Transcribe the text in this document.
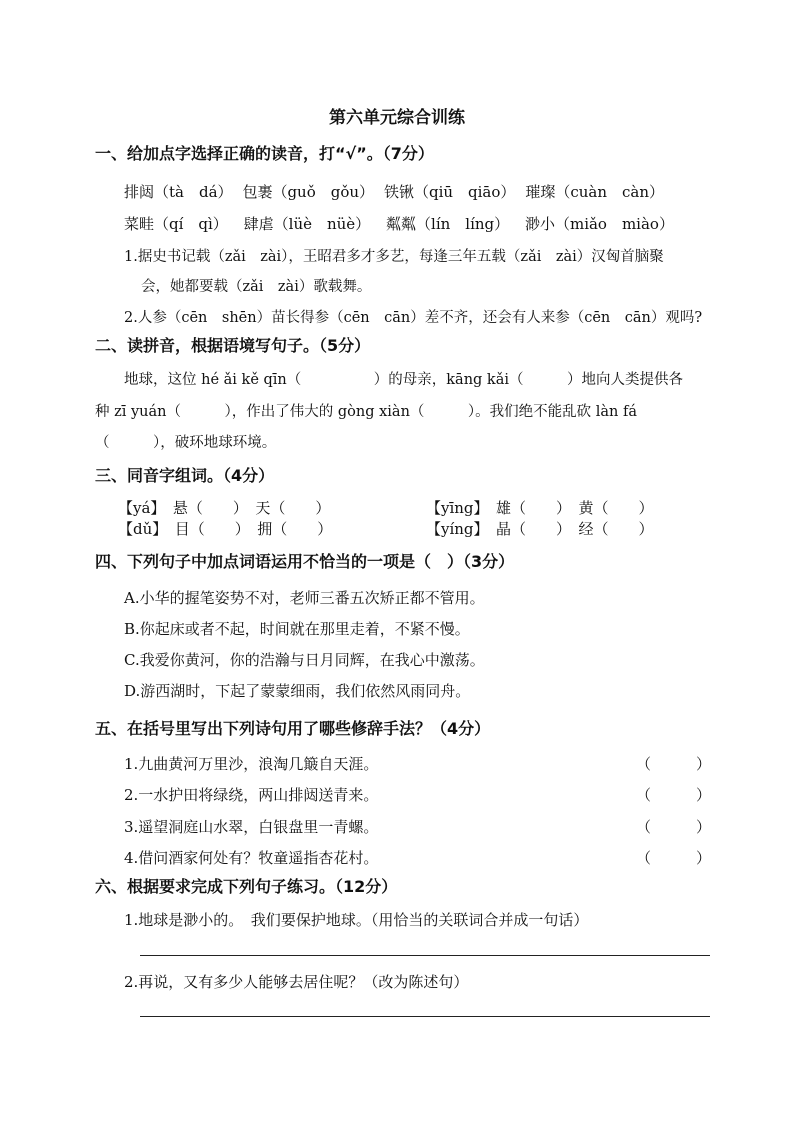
第六单元综合训练
一、给加点字选择正确的读音，打“√”。（7分）
排闼（tà　dá） 包裹（guǒ　gǒu） 铁锹（qiū　qiāo） 璀璨（cuàn　càn）
菜畦（qí　qì） 肆虐（lüè　nüè） 粼粼（lín　líng） 渺小（miǎo　miào）
1.据史书记载（zǎi　zài），王昭君多才多艺，每逢三年五载（zǎi　zài）汉匈首脑聚
会，她都要载（zǎi　zài）歌载舞。
2.人参（cēn　shēn）苗长得参（cēn　cān）差不齐，还会有人来参（cēn　cān）观吗?
二、读拼音，根据语境写句子。（5分）
地球，这位 hé ǎi kě qīn（　　　　　）的母亲，kāng kǎi（　　　）地向人类提供各
种 zī yuán（　　　），作出了伟大的 gòng xiàn（　　　）。我们绝不能乱砍 làn fá
（　　　），破环地球环境。
三、同音字组词。（4分）
【yá】　悬（　　）　天（　　）	【yīng】　雄（　　）　黄（　　）
【dǔ】　目（　　）　拥（　　）	【yíng】　晶（　　）　经（　　）
四、下列句子中加点词语运用不恰当的一项是（　）（3分）
A.小华的握笔姿势不对，老师三番五次矫正都不管用。
B.你起床或者不起，时间就在那里走着，不紧不慢。
C.我爱你黄河，你的浩瀚与日月同辉，在我心中激荡。
D.游西湖时，下起了蒙蒙细雨，我们依然风雨同舟。
五、在括号里写出下列诗句用了哪些修辞手法？（4分）
1.九曲黄河万里沙，浪淘几簸自天涯。	（　　　）
2.一水护田将绿绕，两山排闼送青来。	（　　　）
3.遥望洞庭山水翠，白银盘里一青螺。	（　　　）
4.借问酒家何处有？牧童遥指杏花村。	（　　　）
六、根据要求完成下列句子练习。（12分）
1.地球是渺小的。　我们要保护地球。（用恰当的关联词合并成一句话）
2.再说，又有多少人能够去居住呢？（改为陈述句）
